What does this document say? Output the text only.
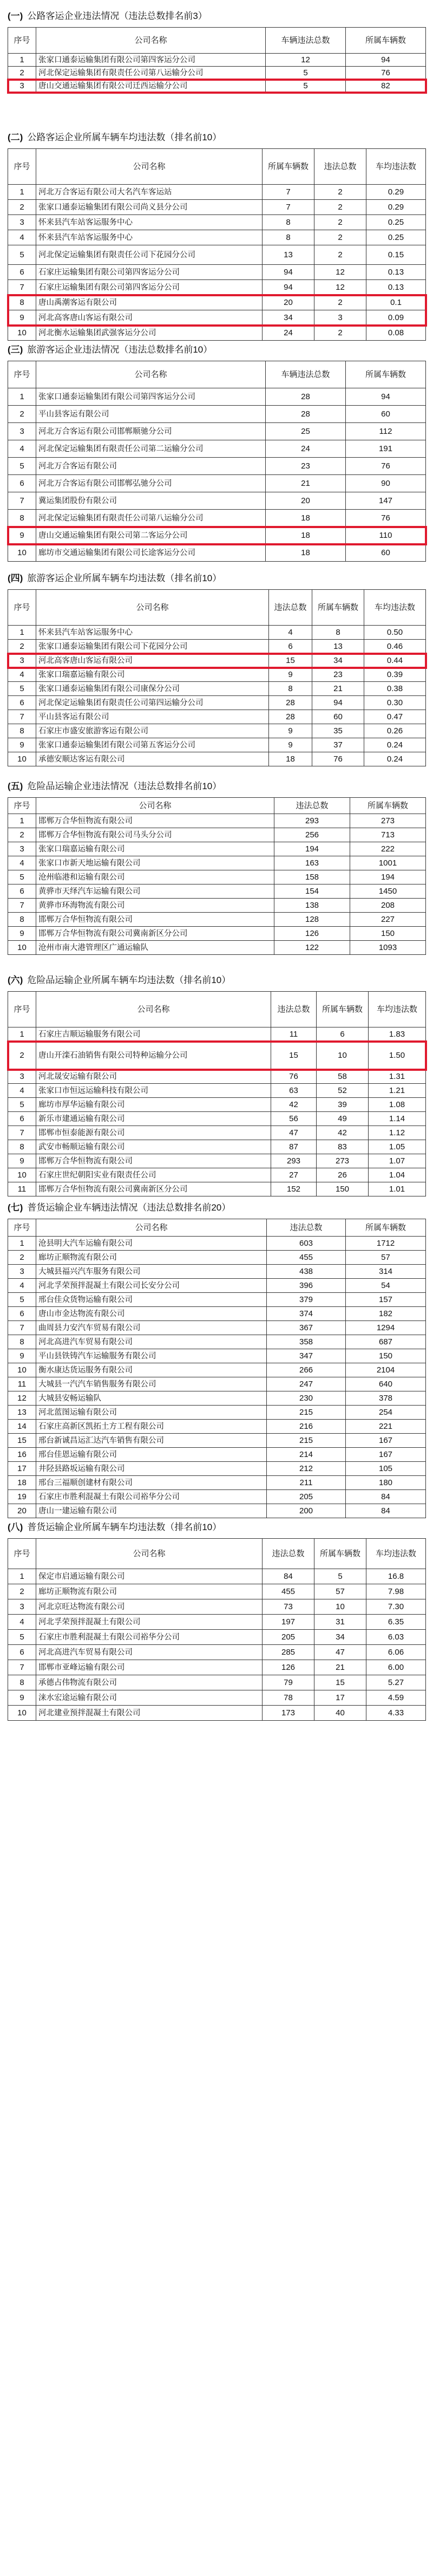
(一) 公路客运企业违法情况（违法总数排名前3）
序号	公司名称	车辆违法总数	所属车辆数
1	张家口通泰运输集团有限公司第四客运分公司	12	94
2	河北保定运输集团有限责任公司第八运输分公司	5	76
3	唐山交通运输集团有限公司迁西运输分公司	5	82
(二) 公路客运企业所属车辆车均违法数（排名前10）
序号	公司名称	所属车辆数	违法总数	车均违法数
1	河北万合客运有限公司大名汽车客运站	7	2	0.29
2	张家口通泰运输集团有限公司尚义县分公司	7	2	0.29
3	怀来县汽车站客运服务中心	8	2	0.25
4	怀来县汽车站客运服务中心	8	2	0.25
5	河北保定运输集团有限责任公司下花园分公司	13	2	0.15
6	石家庄运输集团有限公司第四客运分公司	94	12	0.13
7	石家庄运输集团有限公司第四客运分公司	94	12	0.13
8	唐山禹潮客运有限公司	20	2	0.1
9	河北高客唐山客运有限公司	34	3	0.09
10	河北衡水运输集团武强客运分公司	24	2	0.08
(三) 旅游客运企业违法情况（违法总数排名前10）
序号	公司名称	车辆违法总数	所属车辆数
1	张家口通泰运输集团有限公司第四客运分公司	28	94
2	平山县客运有限公司	28	60
3	河北万合客运有限公司邯郸顺驰分公司	25	112
4	河北保定运输集团有限责任公司第二运输分公司	24	191
5	河北万合客运有限公司	23	76
6	河北万合客运有限公司邯郸弘驰分公司	21	90
7	冀运集团股份有限公司	20	147
8	河北保定运输集团有限责任公司第八运输分公司	18	76
9	唐山交通运输集团有限公司第二客运分公司	18	110
10	廊坊市交通运输集团有限公司长途客运分公司	18	60
(四) 旅游客运企业所属车辆车均违法数（排名前10）
序号	公司名称	违法总数	所属车辆数	车均违法数
1	怀来县汽车站客运服务中心	4	8	0.50
2	张家口通泰运输集团有限公司下花园分公司	6	13	0.46
3	河北高客唐山客运有限公司	15	34	0.44
4	张家口瑞嘉运输有限公司	9	23	0.39
5	张家口通泰运输集团有限公司康保分公司	8	21	0.38
6	河北保定运输集团有限责任公司第四运输分公司	28	94	0.30
7	平山县客运有限公司	28	60	0.47
8	石家庄市盛安旅游客运有限公司	9	35	0.26
9	张家口通泰运输集团有限公司第五客运分公司	9	37	0.24
10	承德安顺达客运有限公司	18	76	0.24
(五) 危险品运输企业违法情况（违法总数排名前10）
序号	公司名称	违法总数	所属车辆数
1	邯郸万合华恒物流有限公司	293	273
2	邯郸万合华恒物流有限公司马头分公司	256	713
3	张家口瑞嘉运输有限公司	194	222
4	张家口市新天地运输有限公司	163	1001
5	沧州临港和运输有限公司	158	194
6	黄骅市天绎汽车运输有限公司	154	1450
7	黄骅市环海物流有限公司	138	208
8	邯郸万合华恒物流有限公司	128	227
9	邯郸万合华恒物流有限公司冀南新区分公司	126	150
10	沧州市南大港管理区广通运输队	122	1093
(六) 危险品运输企业所属车辆车均违法数（排名前10）
序号	公司名称	违法总数	所属车辆数	车均违法数
1	石家庄吉顺运输服务有限公司	11	6	1.83
2	唐山开滦石油销售有限公司特种运输分公司	15	10	1.50
3	河北晟安运输有限公司	76	58	1.31
4	张家口市恒远运输科技有限公司	63	52	1.21
5	廊坊市厚华运输有限公司	42	39	1.08
6	新乐市建通运输有限公司	56	49	1.14
7	邯郸市恒泰能源有限公司	47	42	1.12
8	武安市畅顺运输有限公司	87	83	1.05
9	邯郸万合华恒物流有限公司	293	273	1.07
10	石家庄世纪朝阳实业有限责任公司	27	26	1.04
11	邯郸万合华恒物流有限公司冀南新区分公司	152	150	1.01
(七) 普货运输企业车辆违法情况（违法总数排名前20）
序号	公司名称	违法总数	所属车辆数
1	沧县明大汽车运输有限公司	603	1712
2	廊坊正顺物流有限公司	455	57
3	大城县福兴汽车服务有限公司	438	314
4	河北孚荣预拌混凝土有限公司长安分公司	396	54
5	邢台佳众货物运输有限公司	379	157
6	唐山市金达物流有限公司	374	182
7	曲周县力安汽车贸易有限公司	367	1294
8	河北高进汽车贸易有限公司	358	687
9	平山县铁铸汽车运输服务有限公司	347	150
10	衡水康达货运服务有限公司	266	2104
11	大城县一汽汽车销售服务有限公司	247	640
12	大城县安畅运输队	230	378
13	河北蓝图运输有限公司	215	254
14	石家庄高新区凯拓土方工程有限公司	216	221
15	邢台新诚昌运汇达汽车销售有限公司	215	167
16	邢台佳恩运输有限公司	214	167
17	井陉县路坂运输有限公司	212	105
18	邢台三福顺创建材有限公司	211	180
19	石家庄市胜利混凝土有限公司裕华分公司	205	84
20	唐山一建运输有限公司	200	84
(八) 普货运输企业所属车辆车均违法数（排名前10）
序号	公司名称	违法总数	所属车辆数	车均违法数
1	保定市启通运输有限公司	84	5	16.8
2	廊坊正顺物流有限公司	455	57	7.98
3	河北京旺达物流有限公司	73	10	7.30
4	河北孚荣预拌混凝土有限公司	197	31	6.35
5	石家庄市胜利混凝土有限公司裕华分公司	205	34	6.03
6	河北高进汽车贸易有限公司	285	47	6.06
7	邯郸市亚峰运输有限公司	126	21	6.00
8	承德占伟物流有限公司	79	15	5.27
9	涞水宏途运输有限公司	78	17	4.59
10	河北建业预拌混凝土有限公司	173	40	4.33
